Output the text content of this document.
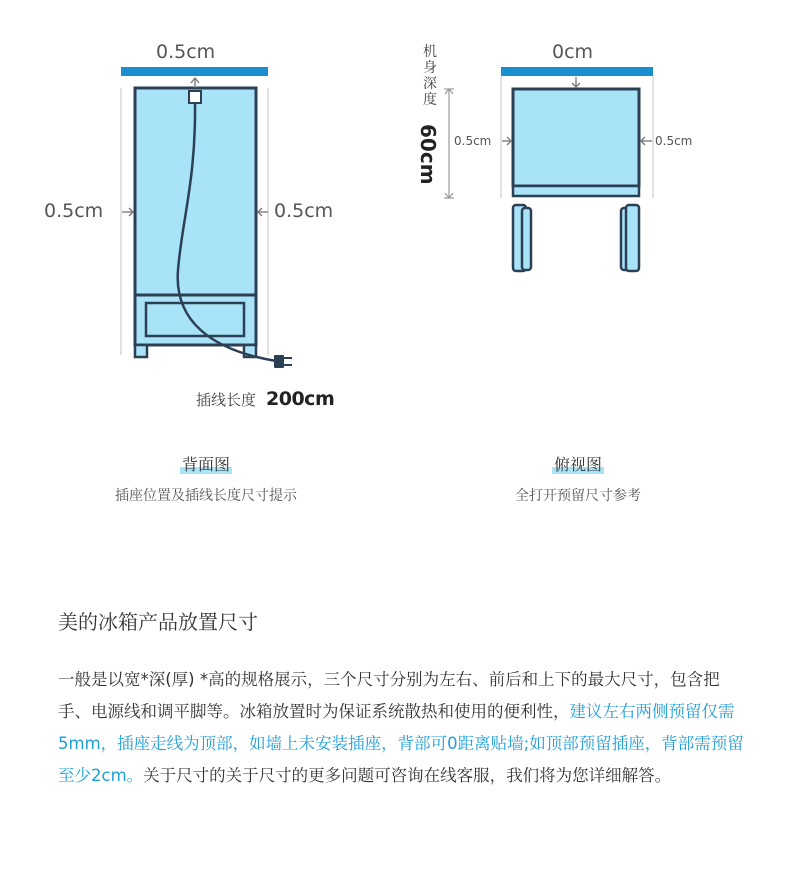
0.5cm
0.5cm	0.5cm
插线长度 200cm
背面图
插座位置及插线长度尺寸提示
0cm
0.5cm	0.5cm
机身深度
60cm
俯视图
全打开预留尺寸参考
美的冰箱产品放置尺寸
一般是以宽*深(厚) *高的规格展示，三个尺寸分别为左右、前后和上下的最大尺寸，包含把手、电源线和调平脚等。冰箱放置时为保证系统散热和使用的便利性，建议左右两侧预留仅需5mm，插座走线为顶部，如墙上未安装插座，背部可0距离贴墙;如顶部预留插座，背部需预留至少2cm。关于尺寸的关于尺寸的更多问题可咨询在线客服，我们将为您详细解答。
